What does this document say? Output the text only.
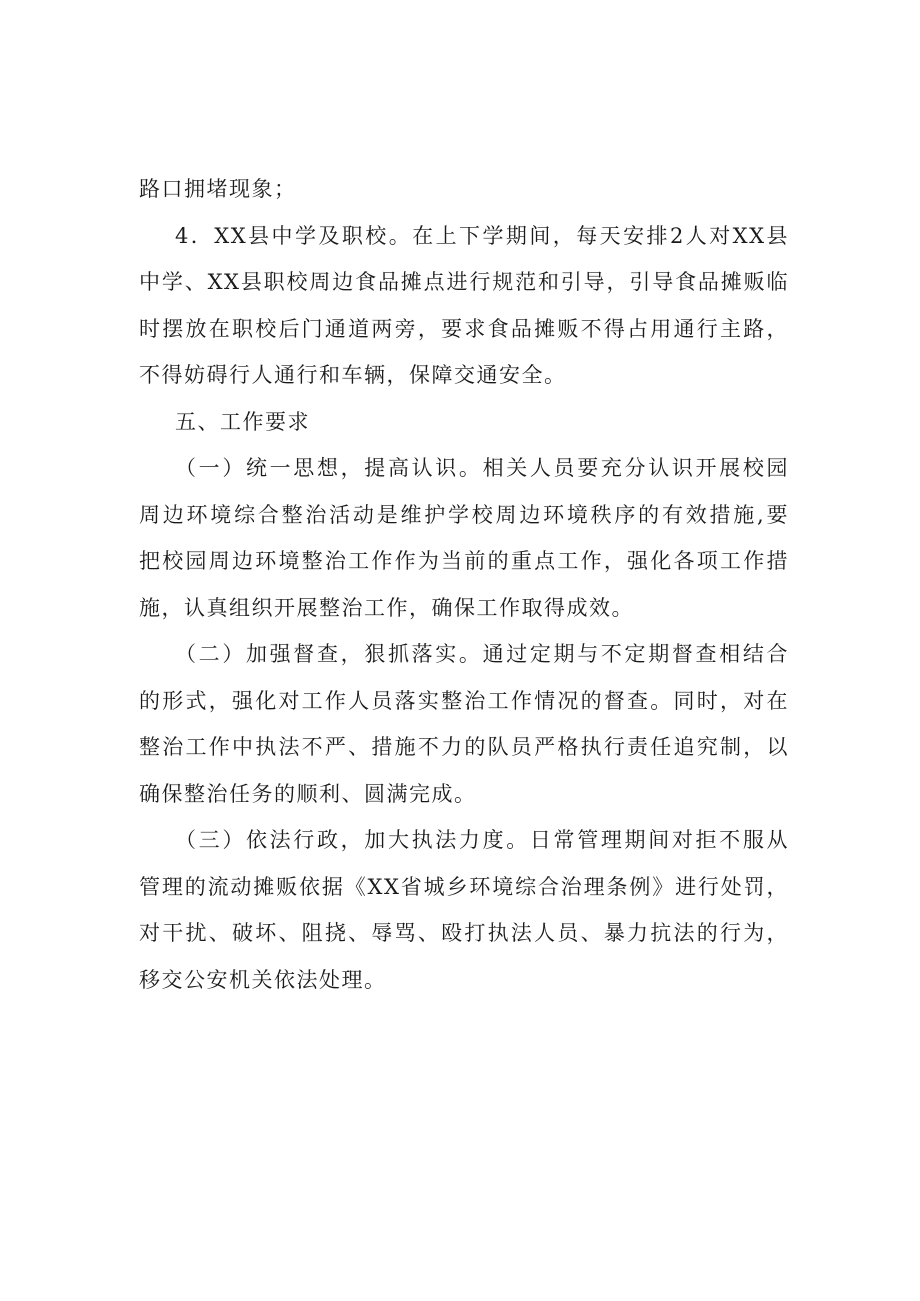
路口拥堵现象；
4．XX县中学及职校。在上下学期间，每天安排2人对XX县
中学、XX县职校周边食品摊点进行规范和引导，引导食品摊贩临
时摆放在职校后门通道两旁，要求食品摊贩不得占用通行主路，
不得妨碍行人通行和车辆，保障交通安全。
五、工作要求
（一）统一思想，提高认识。相关人员要充分认识开展校园
周边环境综合整治活动是维护学校周边环境秩序的有效措施,要
把校园周边环境整治工作作为当前的重点工作，强化各项工作措
施，认真组织开展整治工作，确保工作取得成效。
（二）加强督查，狠抓落实。通过定期与不定期督查相结合
的形式，强化对工作人员落实整治工作情况的督查。同时，对在
整治工作中执法不严、措施不力的队员严格执行责任追究制，以
确保整治任务的顺利、圆满完成。
（三）依法行政，加大执法力度。日常管理期间对拒不服从
管理的流动摊贩依据《XX省城乡环境综合治理条例》进行处罚，
对干扰、破坏、阻挠、辱骂、殴打执法人员、暴力抗法的行为，
移交公安机关依法处理。
